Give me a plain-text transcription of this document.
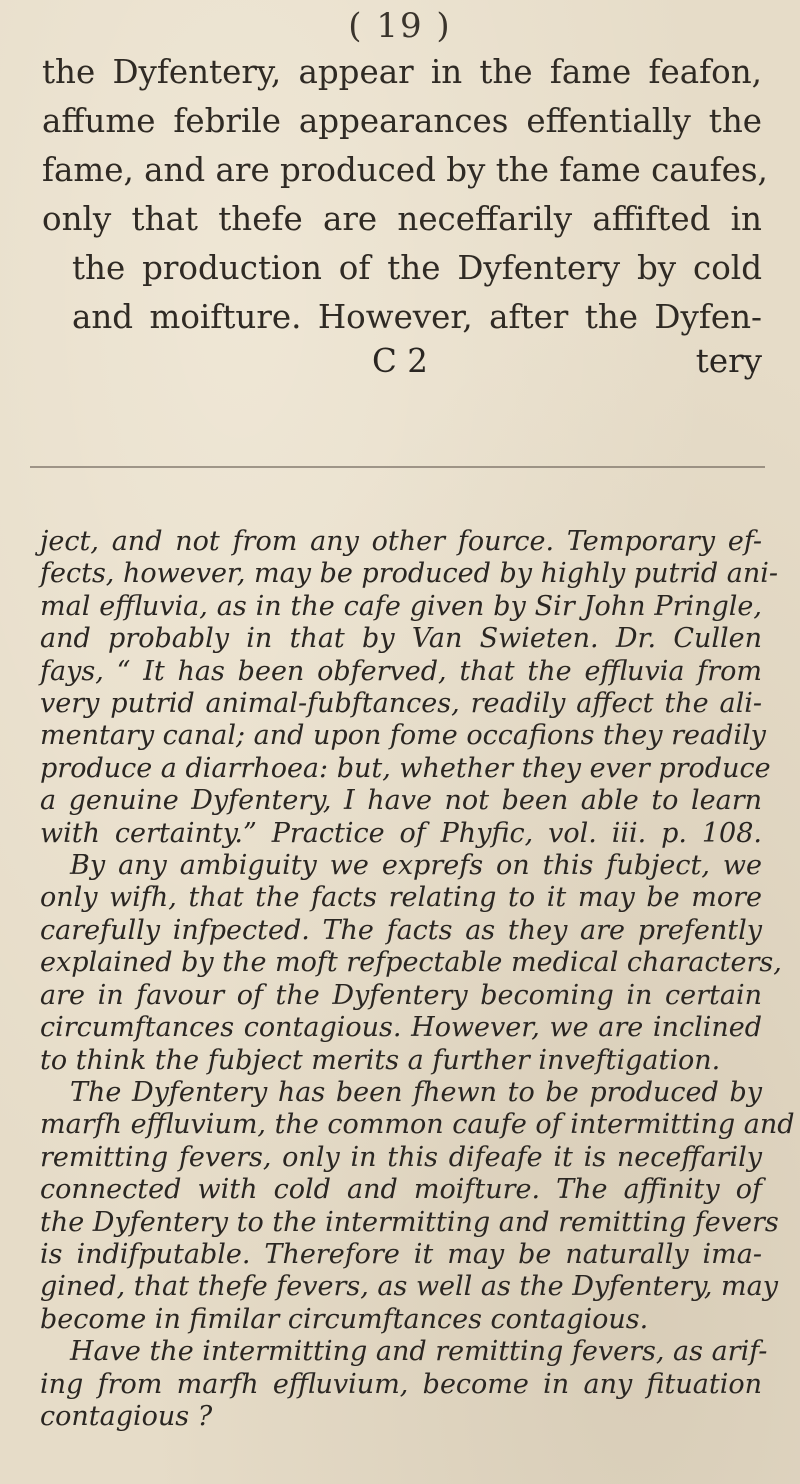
( 19 )
the Dyfentery, appear in the fame feafon,
affume febrile appearances effentially the
fame, and are produced by the fame caufes,
only that thefe are neceffarily affifted in
the production of the Dyfentery by cold
and moifture. However, after the Dyfen-
C 2	tery
ject, and not from any other fource. Temporary ef-
fects, however, may be produced by highly putrid ani-
mal effluvia, as in the cafe given by Sir John Pringle,
and probably in that by Van Swieten. Dr. Cullen
fays, “ It has been obferved, that the effluvia from
very putrid animal-fubftances, readily affect the ali-
mentary canal; and upon fome occafions they readily
produce a diarrhoea: but, whether they ever produce
a genuine Dyfentery, I have not been able to learn
with certainty.” Practice of Phyfic, vol. iii. p. 108.
By any ambiguity we exprefs on this fubject, we
only wifh, that the facts relating to it may be more
carefully infpected. The facts as they are prefently
explained by the moft refpectable medical characters,
are in favour of the Dyfentery becoming in certain
circumftances contagious. However, we are inclined
to think the fubject merits a further inveftigation.
The Dyfentery has been fhewn to be produced by
marfh effluvium, the common caufe of intermitting and
remitting fevers, only in this difeafe it is neceffarily
connected with cold and moifture. The affinity of
the Dyfentery to the intermitting and remitting fevers
is indifputable. Therefore it may be naturally ima-
gined, that thefe fevers, as well as the Dyfentery, may
become in fimilar circumftances contagious.
Have the intermitting and remitting fevers, as arif-
ing from marfh effluvium, become in any fituation
contagious ?
